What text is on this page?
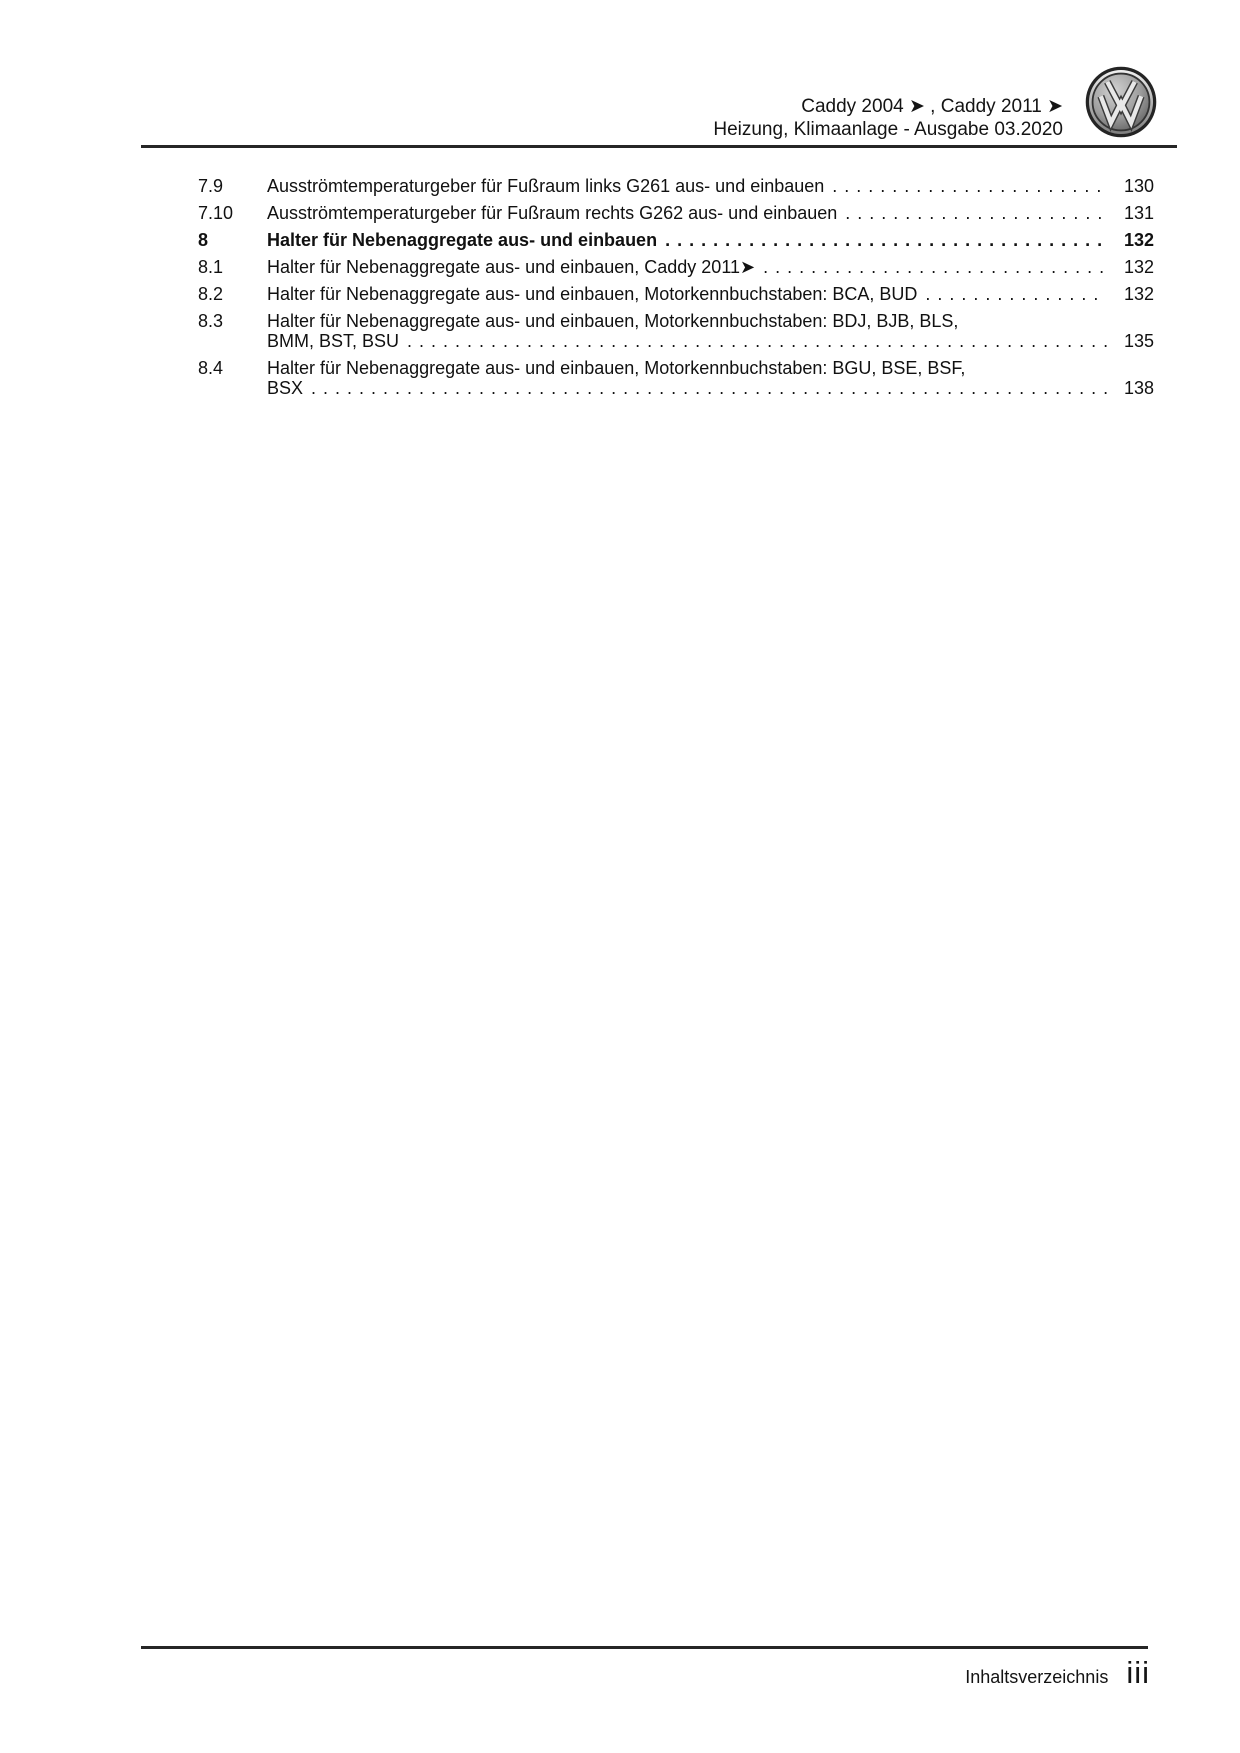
Caddy 2004 ➤ , Caddy 2011 ➤
Heizung, Klimaanlage - Ausgabe 03.2020
7.9	Ausströmtemperaturgeber für Fußraum links G261 aus- und einbauen . . .	130
7.10	Ausströmtemperaturgeber für Fußraum rechts G262 aus- und einbauen . . .	131
8	Halter für Nebenaggregate aus- und einbauen . . .	132
8.1	Halter für Nebenaggregate aus- und einbauen, Caddy 2011➤ . . .	132
8.2	Halter für Nebenaggregate aus- und einbauen, Motorkennbuchstaben: BCA, BUD . . .	132
8.3	Halter für Nebenaggregate aus- und einbauen, Motorkennbuchstaben: BDJ, BJB, BLS,
BMM, BST, BSU . . .	135
8.4	Halter für Nebenaggregate aus- und einbauen, Motorkennbuchstaben: BGU, BSE, BSF,
BSX . . .	138
Inhaltsverzeichnis iii
